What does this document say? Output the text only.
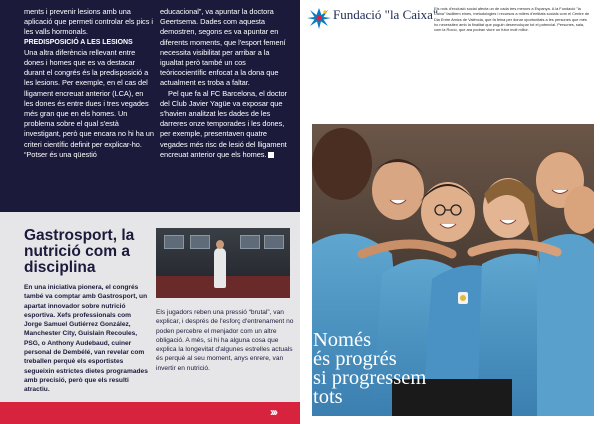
ments i prevenir lesions amb una aplicació que permeti controlar els pics i les valls hormonals.

PREDISPOSICIÓ A LES LESIONS

Una altra diferència rellevant entre dones i homes que es va destacar durant el congrés és la predisposició a les lesions. Per exemple, en el cas del lligament encreuat anterior (LCA), en les dones és entre dues i tres vegades més gran que en els homes. Un problema sobre el qual s'està investigant, però que encara no hi ha un criteri científic definit per explicar-ho. “Potser és una qüestió

educacional”, va apuntar la doctora Geertsema. Dades com aquesta demostren, segons es va apuntar en diferents moments, que l'esport femení necessita visibilitat per arribar a la igualtat però també un cos teòricocientífic enfocat a la dona que actualment es troba a faltar.

Pel que fa al FC Barcelona, el doctor del Club Javier Yagüe va exposar que s'havien analitzat les dades de les darreres onze temporades i les dones, per exemple, presentaven quatre vegades més risc de lesió del lligament encreuat anterior que els homes.

Gastrosport, la nutrició com a disciplina

En una iniciativa pionera, el congrés també va comptar amb Gastrosport, un apartat innovador sobre nutrició esportiva. Xefs professionals com Jorge Samuel Gutiérrez González, Manchester City, Guislain Recoules, PSG, o Anthony Audebaud, cuiner personal de Dembélé, van revelar com treballen perquè els esportistes segueixin estrictes dietes programades amb precisió, però que els resulti atractiu.

Els jugadors reben una pressió “brutal”, van explicar, i després de l'esforç d'entrenament no poden percebre el menjador com un altre obligació. A més, si hi ha alguna cosa que explica la longevitat d'algunes estrelles actuals és perquè al seu moment, anys enrere, van invertir en nutrició.

›››
Fundació "la Caixa"

Els nois d'exclusió social afecta un de cada tres menors a Espanya. A la Fundació "la Caixa" facilitem eines, metodologies i recursos a milers d'entitats socials com el Centre de Dia Entre Amics de València, que fa feina per donar oportunitats a les persones que més ho necessiten amb la finalitat que puguin desenvolupar tot el potencial. Persones, sala, com la Rocío, que ara podran viure un futur molt millor.

Només
és progrés
si progressem
tots
